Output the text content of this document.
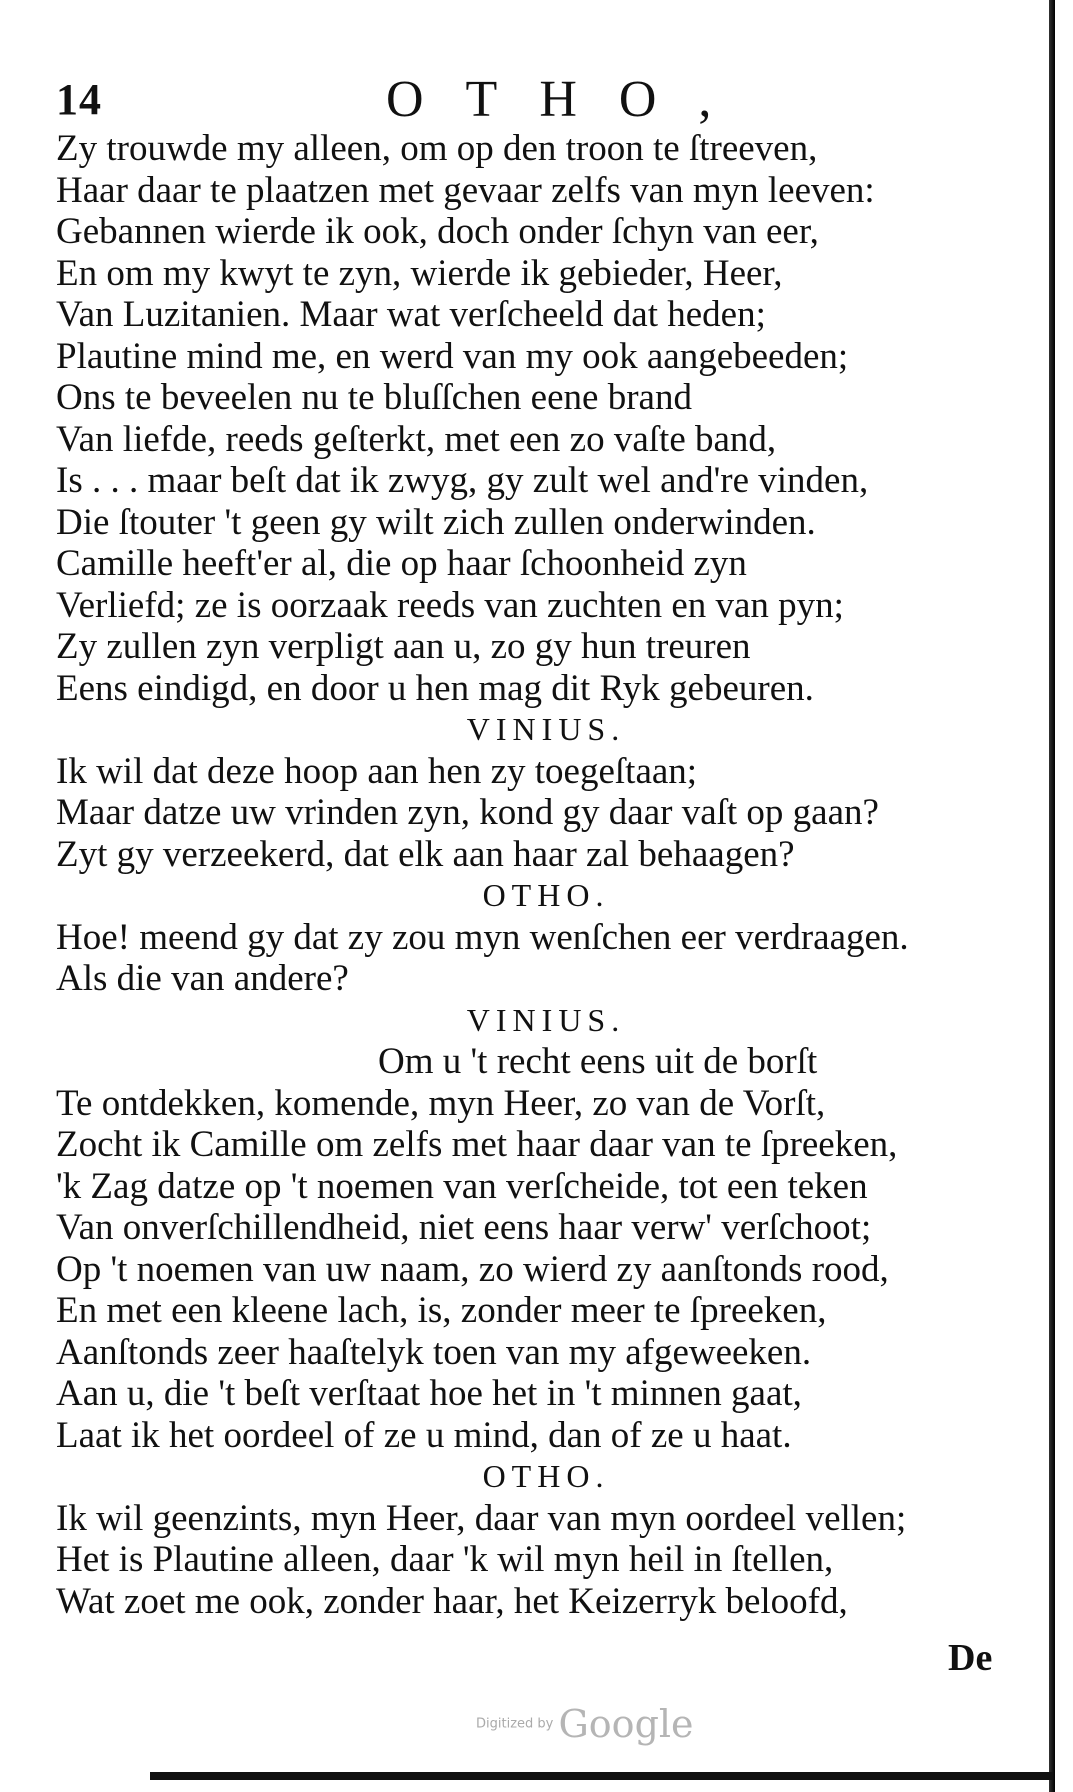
14	OTHO,
Zy trouwde my alleen, om op den troon te ſtreeven,
Haar daar te plaatzen met gevaar zelfs van myn leeven:
Gebannen wierde ik ook, doch onder ſchyn van eer,
En om my kwyt te zyn, wierde ik gebieder, Heer,
Van Luzitanien. Maar wat verſcheeld dat heden;
Plautine mind me, en werd van my ook aangebeeden;
Ons te beveelen nu te bluſſchen eene brand
Van liefde, reeds geſterkt, met een zo vaſte band,
Is . . . maar beſt dat ik zwyg, gy zult wel and're vinden,
Die ſtouter 't geen gy wilt zich zullen onderwinden.
Camille heeft'er al, die op haar ſchoonheid zyn
Verliefd; ze is oorzaak reeds van zuchten en van pyn;
Zy zullen zyn verpligt aan u, zo gy hun treuren
Eens eindigd, en door u hen mag dit Ryk gebeuren.
VINIUS.
Ik wil dat deze hoop aan hen zy toegeſtaan;
Maar datze uw vrinden zyn, kond gy daar vaſt op gaan?
Zyt gy verzeekerd, dat elk aan haar zal behaagen?
OTHO.
Hoe! meend gy dat zy zou myn wenſchen eer verdraagen.
Als die van andere?
VINIUS.
Om u 't recht eens uit de borſt
Te ontdekken, komende, myn Heer, zo van de Vorſt,
Zocht ik Camille om zelfs met haar daar van te ſpreeken,
'k Zag datze op 't noemen van verſcheide, tot een teken
Van onverſchillendheid, niet eens haar verw' verſchoot;
Op 't noemen van uw naam, zo wierd zy aanſtonds rood,
En met een kleene lach, is, zonder meer te ſpreeken,
Aanſtonds zeer haaſtelyk toen van my afgeweeken.
Aan u, die 't beſt verſtaat hoe het in 't minnen gaat,
Laat ik het oordeel of ze u mind, dan of ze u haat.
OTHO.
Ik wil geenzints, myn Heer, daar van myn oordeel vellen;
Het is Plautine alleen, daar 'k wil myn heil in ſtellen,
Wat zoet me ook, zonder haar, het Keizerryk beloofd,
De
Digitized by Google
